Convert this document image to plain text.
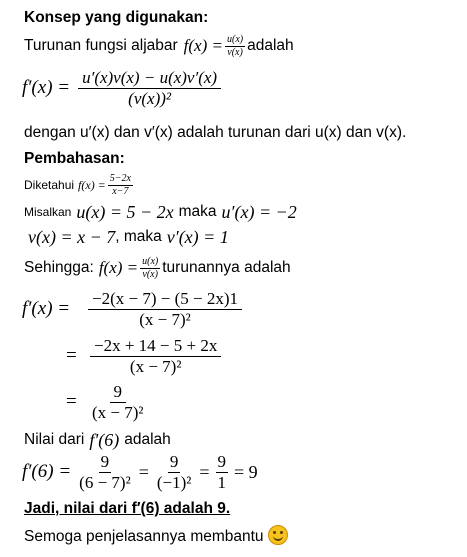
Konsep yang digunakan:
Turunan fungsi aljabar $f(x) = \frac{u(x)}{v(x)}$ adalah
$f'(x) = \frac{u'(x)v(x) - u(x)v'(x)}{\text{(v(x))²}}$
dengan u′(x) dan v′(x) adalah turunan dari u(x) dan v(x).
Pembahasan:
Diketahui $f(x) = \frac{5-2x}{x-7}$
Misalkan u(x) = 5 − 2x maka u′(x) = −2
v(x) = x − 7 , maka v′(x) = 1
Sehingga: $f(x) = \frac{u(x)}{v(x)}$ turunannya adalah
f′(x) =	$\frac{-2(x - 7) - (5 - 2x)1}{\text{(x − 7)²}}$
= $\frac{-2x + 14 - 5 + 2x}{\text{(x − 7)²}}$
= $\frac{9}{\text{(x − 7)²}}$
Nilai dari f′(6) adalah
$f'(6) = \frac{9}{\text{(6 − 7)²}} = \frac{9}{\text{(−1)²}} = \frac{9}{1} = 9$
Jadi, nilai dari f′(6) adalah 9.
Semoga penjelasannya membantu
